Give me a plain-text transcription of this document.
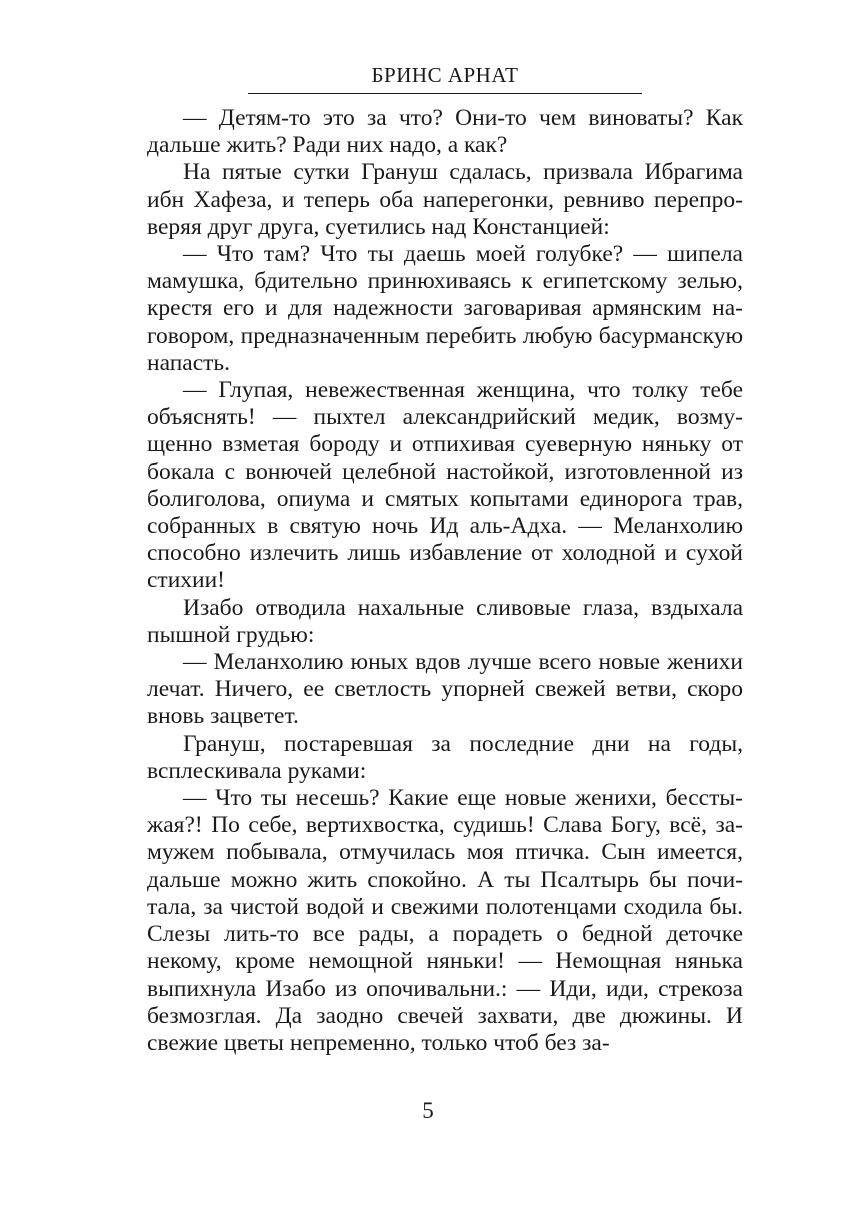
БРИНС АРНАТ

— Детям-то это за что? Они-то чем виноваты? Как дальше жить? Ради них надо, а как?

На пятые сутки Грануш сдалась, призвала Ибрагима ибн Хафеза, и теперь оба наперегонки, ревниво перепроверяя друг друга, суетились над Констанцией:

— Что там? Что ты даешь моей голубке? — шипела мамушка, бдительно принюхиваясь к египетскому зелью, крестя его и для надежности заговаривая армянским наговором, предназначенным перебить любую басурманскую напасть.

— Глупая, невежественная женщина, что толку тебе объяснять! — пыхтел александрийский медик, возмущенно взметая бороду и отпихивая суеверную няньку от бокала с вонючей целебной настойкой, изготовленной из болиголова, опиума и смятых копытами единорога трав, собранных в святую ночь Ид аль-Адха. — Меланхолию способно излечить лишь избавление от холодной и сухой стихии!

Изабо отводила нахальные сливовые глаза, вздыхала пышной грудью:

— Меланхолию юных вдов лучше всего новые женихи лечат. Ничего, ее светлость упорней свежей ветви, скоро вновь зацветет.

Грануш, постаревшая за последние дни на годы, всплескивала руками:

— Что ты несешь? Какие еще новые женихи, бесстыжая?! По себе, вертихвостка, судишь! Слава Богу, всё, замужем побывала, отмучилась моя птичка. Сын имеется, дальше можно жить спокойно. А ты Псалтырь бы почитала, за чистой водой и свежими полотенцами сходила бы. Слезы лить-то все рады, а порадеть о бедной деточке некому, кроме немощной няньки! — Немощная нянька выпихнула Изабо из опочивальни.: — Иди, иди, стрекоза безмозглая. Да заодно свечей захвати, две дюжины. И свежие цветы непременно, только чтоб без за-

5
